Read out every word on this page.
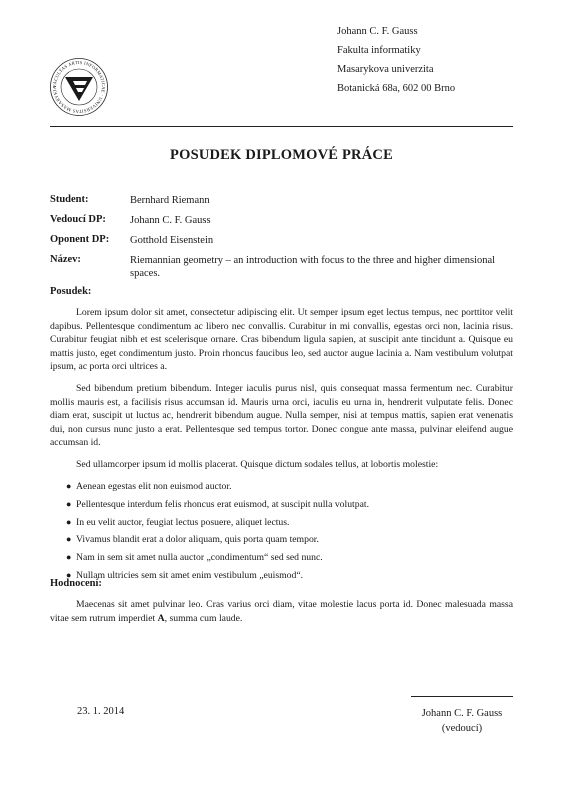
FACULTAS ARTIS INFORMATICAE · UNIVERSITAS MASARYKIA
Johann C. F. Gauss
Fakulta informatiky
Masarykova univerzita
Botanická 68a, 602 00 Brno
POSUDEK DIPLOMOVÉ PRÁCE
Student:	Bernhard Riemann
Vedoucí DP: Johann C. F. Gauss
Oponent DP: Gotthold Eisenstein
Název:	Riemannian geometry – an introduction with focus to the three and higher dimensional spaces.
Posudek:

Lorem ipsum dolor sit amet, consectetur adipiscing elit. Ut semper ipsum eget lectus tempus, nec porttitor velit dapibus. Pellentesque condimentum ac libero nec convallis. Curabitur in mi convallis, egestas orci non, lacinia risus. Curabitur feugiat nibh et est scelerisque ornare. Cras bibendum ligula sapien, at suscipit ante tincidunt a. Quisque eu mattis justo, eget condimentum justo. Proin rhoncus faucibus leo, sed auctor augue lacinia a. Nam vestibulum volutpat ipsum, ac porta orci ultrices a.

Sed bibendum pretium bibendum. Integer iaculis purus nisl, quis consequat massa fermentum nec. Curabitur mollis mauris est, a facilisis risus accumsan id. Mauris urna orci, iaculis eu urna in, hendrerit vulputate felis. Donec diam erat, suscipit ut luctus ac, hendrerit bibendum augue. Nulla semper, nisi at tempus mattis, sapien erat venenatis dui, non cursus nunc justo a erat. Pellentesque sed tempus tortor. Donec congue ante massa, pulvinar eleifend augue accumsan id.

Sed ullamcorper ipsum id mollis placerat. Quisque dictum sodales tellus, at lobortis molestie:

● Aenean egestas elit non euismod auctor.
● Pellentesque interdum felis rhoncus erat euismod, at suscipit nulla volutpat.
● In eu velit auctor, feugiat lectus posuere, aliquet lectus.
● Vivamus blandit erat a dolor aliquam, quis porta quam tempor.
● Nam in sem sit amet nulla auctor „condimentum“ sed sed nunc.
● Nullam ultricies sem sit amet enim vestibulum „euismod“.
Hodnocení:

Maecenas sit amet pulvinar leo. Cras varius orci diam, vitae molestie lacus porta id. Donec malesuada massa vitae sem rutrum imperdiet A, summa cum laude.

23. 1. 2014	Johann C. F. Gauss
(vedoucí)
